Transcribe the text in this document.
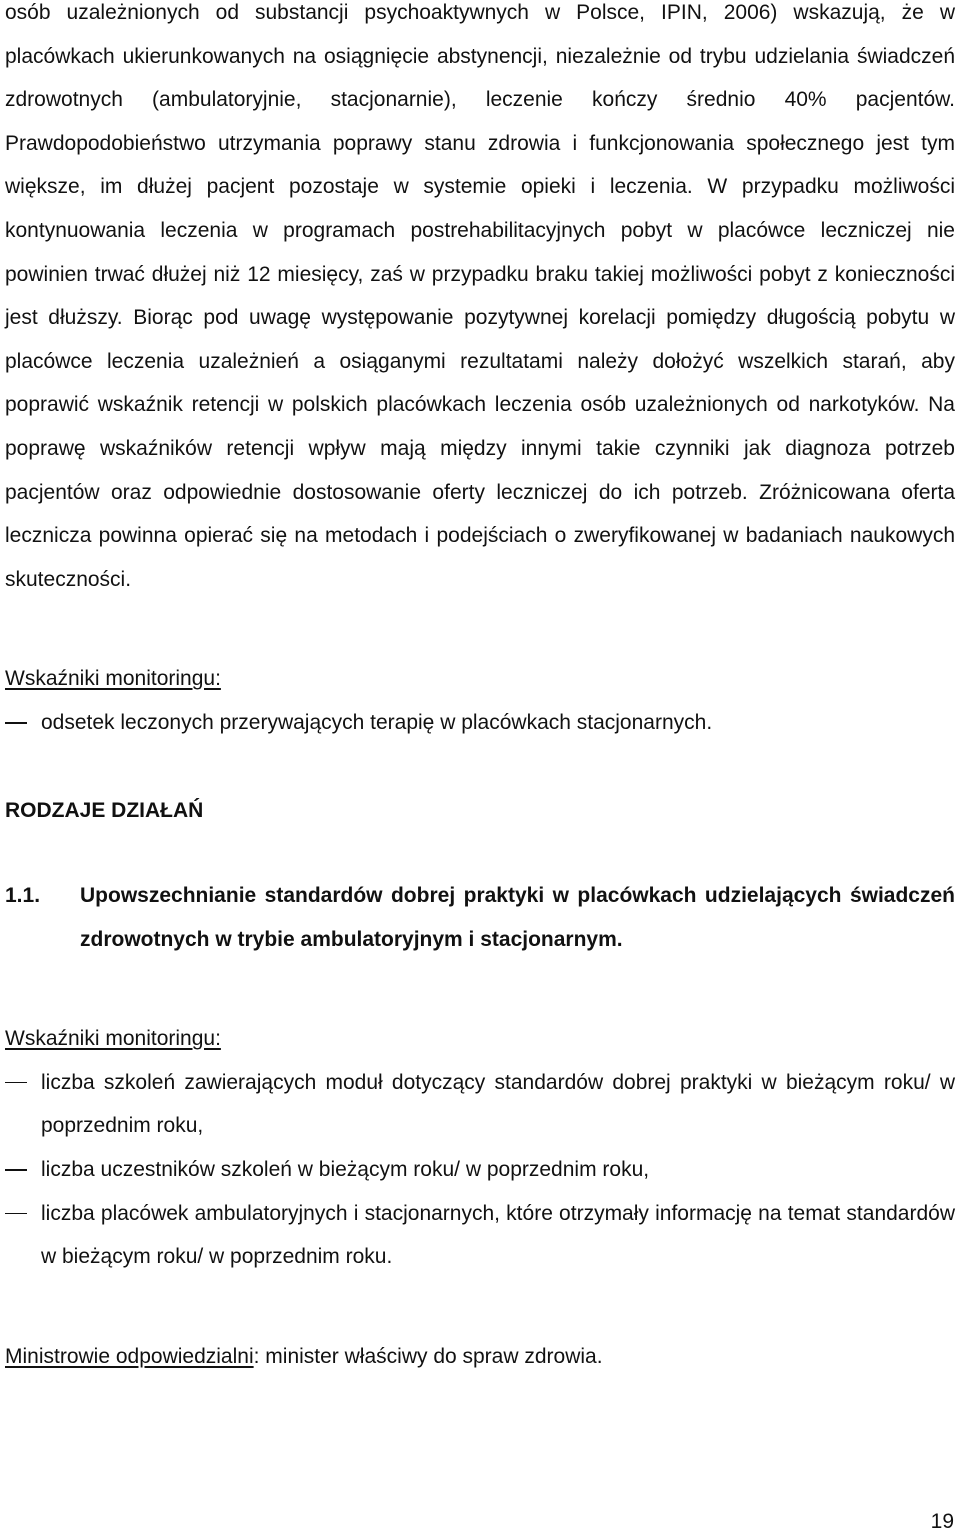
osób uzależnionych od substancji psychoaktywnych w Polsce, IPIN, 2006) wskazują, że w placówkach ukierunkowanych na osiągnięcie abstynencji, niezależnie od trybu udzielania świadczeń zdrowotnych (ambulatoryjnie, stacjonarnie), leczenie kończy średnio 40% pacjentów. Prawdopodobieństwo utrzymania poprawy stanu zdrowia i funkcjonowania społecznego jest tym większe, im dłużej pacjent pozostaje w systemie opieki i leczenia. W przypadku możliwości kontynuowania leczenia w programach postrehabilitacyjnych pobyt w placówce leczniczej nie powinien trwać dłużej niż 12 miesięcy, zaś w przypadku braku takiej możliwości pobyt z konieczności jest dłuższy. Biorąc pod uwagę występowanie pozytywnej korelacji pomiędzy długością pobytu w placówce leczenia uzależnień a osiąganymi rezultatami należy dołożyć wszelkich starań, aby poprawić wskaźnik retencji w polskich placówkach leczenia osób uzależnionych od narkotyków. Na poprawę wskaźników retencji wpływ mają między innymi takie czynniki jak diagnoza potrzeb pacjentów oraz odpowiednie dostosowanie oferty leczniczej do ich potrzeb. Zróżnicowana oferta lecznicza powinna opierać się na metodach i podejściach o zweryfikowanej w badaniach naukowych skuteczności.

Wskaźniki monitoringu:
odsetek leczonych przerywających terapię w placówkach stacjonarnych.
RODZAJE DZIAŁAŃ
1.1. Upowszechnianie standardów dobrej praktyki w placówkach udzielających świadczeń zdrowotnych w trybie ambulatoryjnym i stacjonarnym.
Wskaźniki monitoringu:
liczba szkoleń zawierających moduł dotyczący standardów dobrej praktyki w bieżącym roku/ w poprzednim roku,
liczba uczestników szkoleń w bieżącym roku/ w poprzednim roku,
liczba placówek ambulatoryjnych i stacjonarnych, które otrzymały informację na temat standardów w bieżącym roku/ w poprzednim roku.
Ministrowie odpowiedzialni: minister właściwy do spraw zdrowia.
19
